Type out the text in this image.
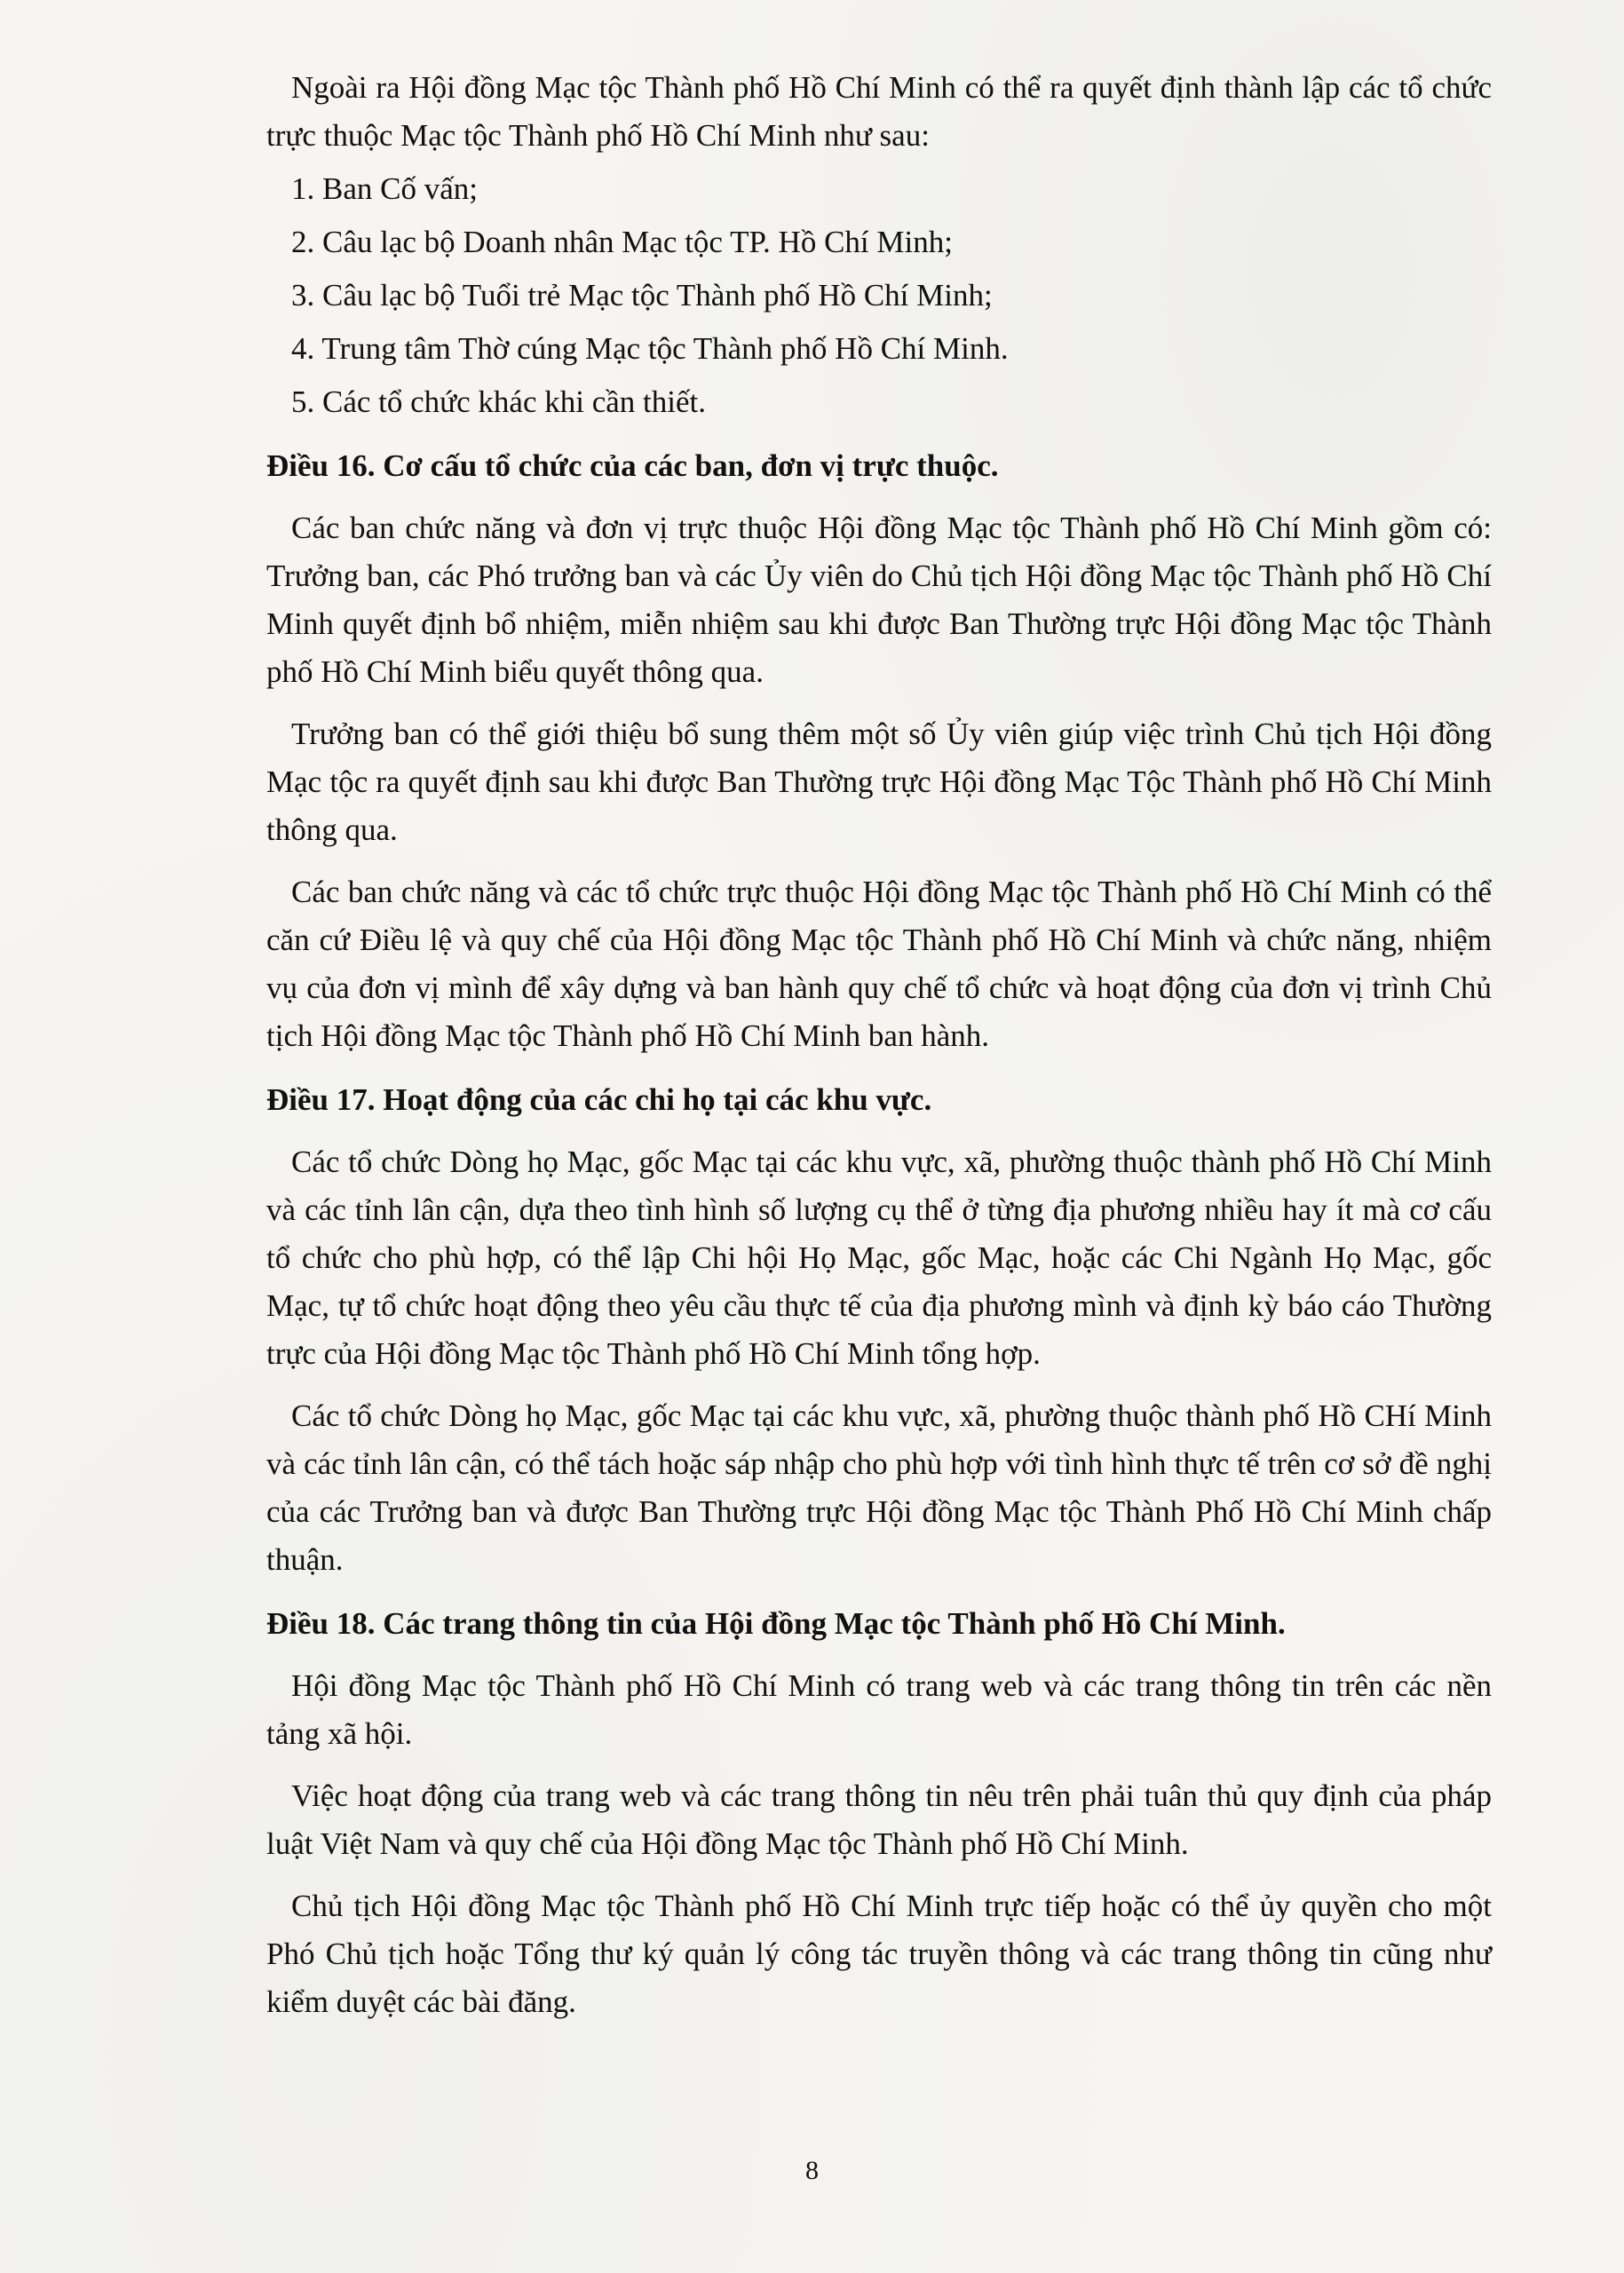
Ngoài ra Hội đồng Mạc tộc Thành phố Hồ Chí Minh có thể ra quyết định thành lập các tổ chức trực thuộc Mạc tộc Thành phố Hồ Chí Minh như sau:

1. Ban Cố vấn;

2. Câu lạc bộ Doanh nhân Mạc tộc TP. Hồ Chí Minh;

3. Câu lạc bộ Tuổi trẻ Mạc tộc Thành phố Hồ Chí Minh;

4. Trung tâm Thờ cúng Mạc tộc Thành phố Hồ Chí Minh.

5. Các tổ chức khác khi cần thiết.

Điều 16. Cơ cấu tổ chức của các ban, đơn vị trực thuộc.

Các ban chức năng và đơn vị trực thuộc Hội đồng Mạc tộc Thành phố Hồ Chí Minh gồm có: Trưởng ban, các Phó trưởng ban và các Ủy viên do Chủ tịch Hội đồng Mạc tộc Thành phố Hồ Chí Minh quyết định bổ nhiệm, miễn nhiệm sau khi được Ban Thường trực Hội đồng Mạc tộc Thành phố Hồ Chí Minh biểu quyết thông qua.

Trưởng ban có thể giới thiệu bổ sung thêm một số Ủy viên giúp việc trình Chủ tịch Hội đồng Mạc tộc ra quyết định sau khi được Ban Thường trực Hội đồng Mạc Tộc Thành phố Hồ Chí Minh thông qua.

Các ban chức năng và các tổ chức trực thuộc Hội đồng Mạc tộc Thành phố Hồ Chí Minh có thể căn cứ Điều lệ và quy chế của Hội đồng Mạc tộc Thành phố Hồ Chí Minh và chức năng, nhiệm vụ của đơn vị mình để xây dựng và ban hành quy chế tổ chức và hoạt động của đơn vị trình Chủ tịch Hội đồng Mạc tộc Thành phố Hồ Chí Minh ban hành.

Điều 17. Hoạt động của các chi họ tại các khu vực.

Các tổ chức Dòng họ Mạc, gốc Mạc tại các khu vực, xã, phường thuộc thành phố Hồ Chí Minh và các tỉnh lân cận, dựa theo tình hình số lượng cụ thể ở từng địa phương nhiều hay ít mà cơ cấu tổ chức cho phù hợp, có thể lập Chi hội Họ Mạc, gốc Mạc, hoặc các Chi Ngành Họ Mạc, gốc Mạc, tự tổ chức hoạt động theo yêu cầu thực tế của địa phương mình và định kỳ báo cáo Thường trực của Hội đồng Mạc tộc Thành phố Hồ Chí Minh tổng hợp.

Các tổ chức Dòng họ Mạc, gốc Mạc tại các khu vực, xã, phường thuộc thành phố Hồ CHí Minh và các tỉnh lân cận, có thể tách hoặc sáp nhập cho phù hợp với tình hình thực tế trên cơ sở đề nghị của các Trưởng ban và được Ban Thường trực Hội đồng Mạc tộc Thành Phố Hồ Chí Minh chấp thuận.

Điều 18. Các trang thông tin của Hội đồng Mạc tộc Thành phố Hồ Chí Minh.

Hội đồng Mạc tộc Thành phố Hồ Chí Minh có trang web và các trang thông tin trên các nền tảng xã hội.

Việc hoạt động của trang web và các trang thông tin nêu trên phải tuân thủ quy định của pháp luật Việt Nam và quy chế của Hội đồng Mạc tộc Thành phố Hồ Chí Minh.

Chủ tịch Hội đồng Mạc tộc Thành phố Hồ Chí Minh trực tiếp hoặc có thể ủy quyền cho một Phó Chủ tịch hoặc Tổng thư ký quản lý công tác truyền thông và các trang thông tin cũng như kiểm duyệt các bài đăng.

8
